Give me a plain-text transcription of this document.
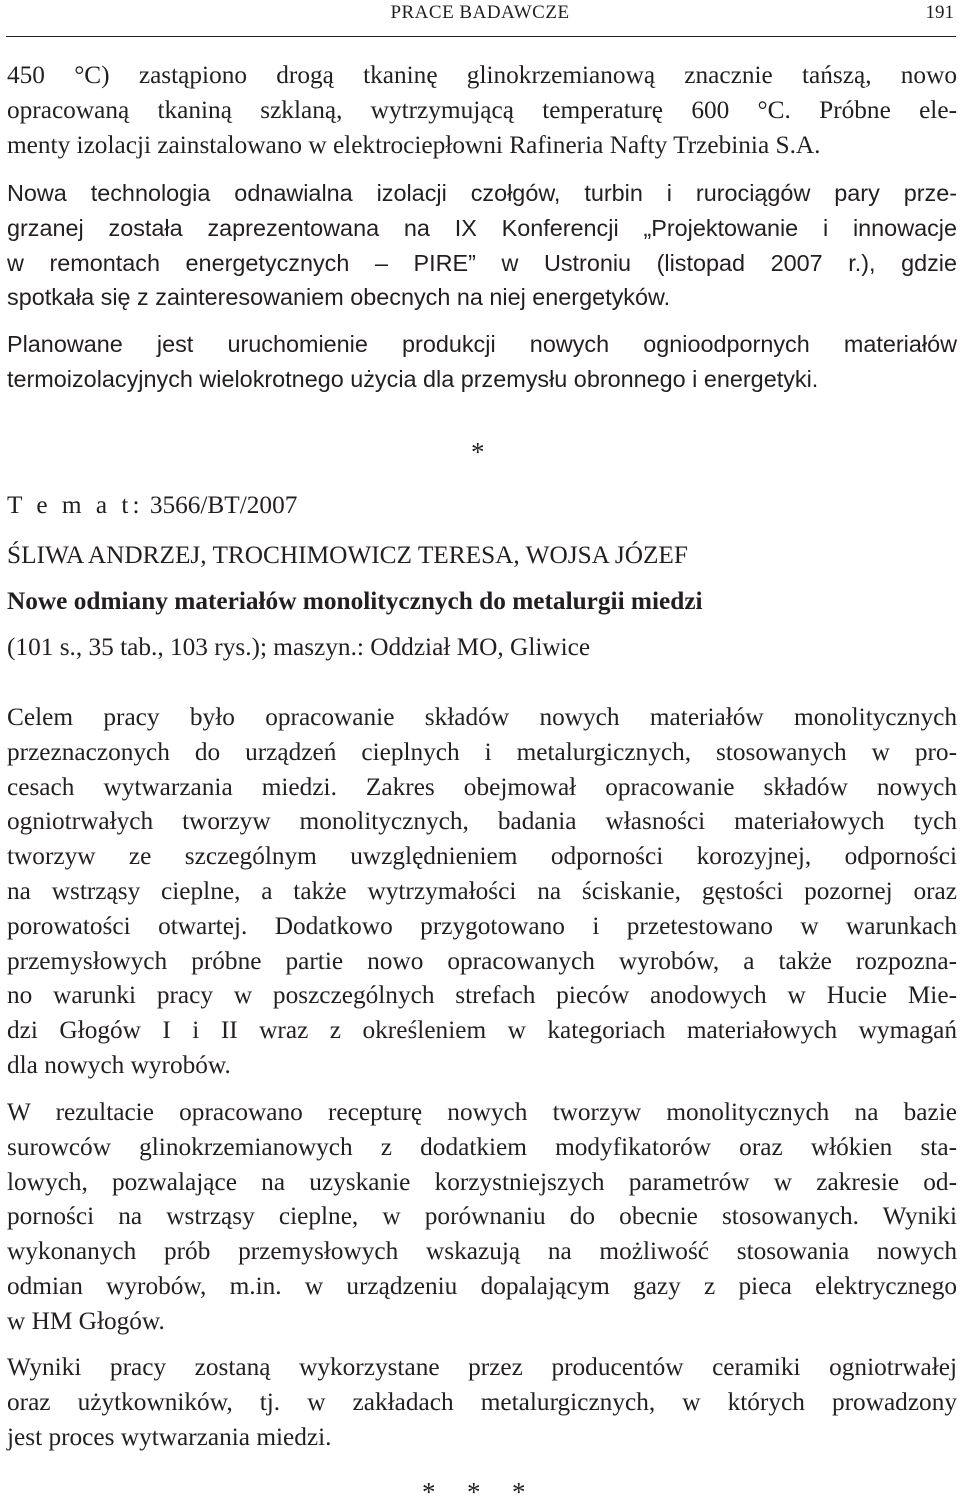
PRACE BADAWCZE	191

450 °C) zastąpiono drogą tkaninę glinokrzemianową znacznie tańszą, nowo
opracowaną tkaniną szklaną, wytrzymującą temperaturę 600 °C. Próbne ele-
menty izolacji zainstalowano w elektrociepłowni Rafineria Nafty Trzebinia S.A.

Nowa technologia odnawialna izolacji czołgów, turbin i rurociągów pary prze-
grzanej została zaprezentowana na IX Konferencji „Projektowanie i innowacje
w remontach energetycznych – PIRE” w Ustroniu (listopad 2007 r.), gdzie
spotkała się z zainteresowaniem obecnych na niej energetyków.

Planowane jest uruchomienie produkcji nowych ognioodpornych materiałów
termoizolacyjnych wielokrotnego użycia dla przemysłu obronnego i energetyki.

*

T e m a t: 3566/BT/2007

ŚLIWA ANDRZEJ, TROCHIMOWICZ TERESA, WOJSA JÓZEF

Nowe odmiany materiałów monolitycznych do metalurgii miedzi

(101 s., 35 tab., 103 rys.); maszyn.: Oddział MO, Gliwice

Celem pracy było opracowanie składów nowych materiałów monolitycznych
przeznaczonych do urządzeń cieplnych i metalurgicznych, stosowanych w pro-
cesach wytwarzania miedzi. Zakres obejmował opracowanie składów nowych
ogniotrwałych tworzyw monolitycznych, badania własności materiałowych tych
tworzyw ze szczególnym uwzględnieniem odporności korozyjnej, odporności
na wstrząsy cieplne, a także wytrzymałości na ściskanie, gęstości pozornej oraz
porowatości otwartej. Dodatkowo przygotowano i przetestowano w warunkach
przemysłowych próbne partie nowo opracowanych wyrobów, a także rozpozna-
no warunki pracy w poszczególnych strefach pieców anodowych w Hucie Mie-
dzi Głogów I i II wraz z określeniem w kategoriach materiałowych wymagań
dla nowych wyrobów.

W rezultacie opracowano recepturę nowych tworzyw monolitycznych na bazie
surowców glinokrzemianowych z dodatkiem modyfikatorów oraz włókien sta-
lowych, pozwalające na uzyskanie korzystniejszych parametrów w zakresie od-
porności na wstrząsy cieplne, w porównaniu do obecnie stosowanych. Wyniki
wykonanych prób przemysłowych wskazują na możliwość stosowania nowych
odmian wyrobów, m.in. w urządzeniu dopalającym gazy z pieca elektrycznego
w HM Głogów.

Wyniki pracy zostaną wykorzystane przez producentów ceramiki ogniotrwałej
oraz użytkowników, tj. w zakładach metalurgicznych, w których prowadzony
jest proces wytwarzania miedzi.

*  *  *
